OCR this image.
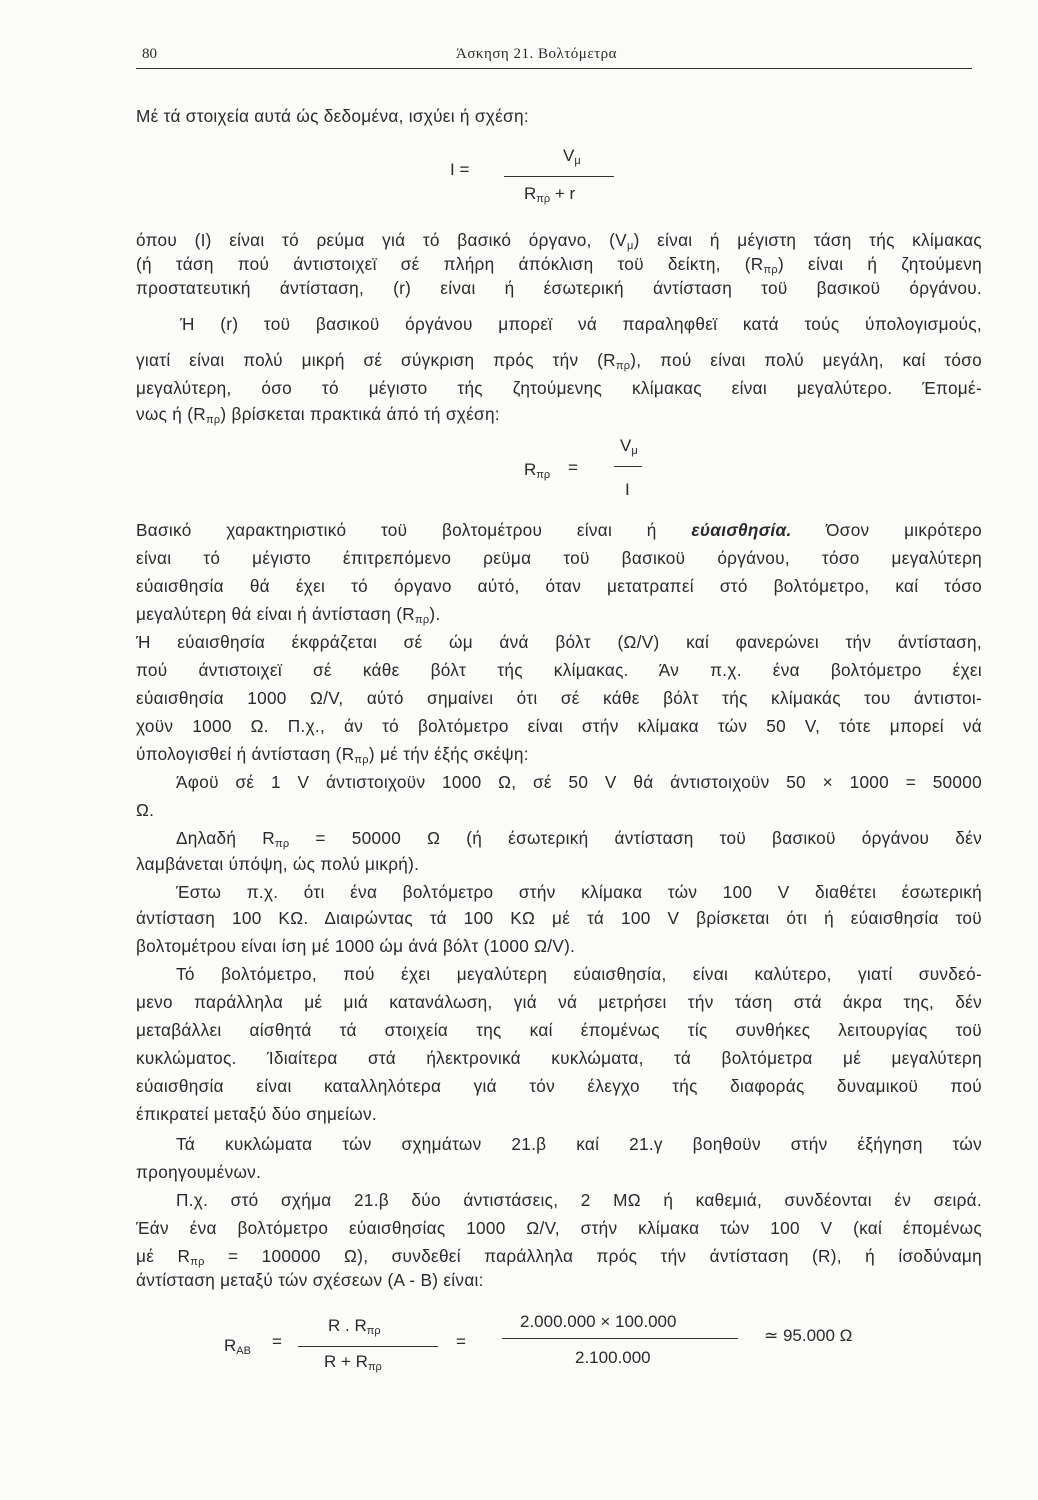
80	Άσκηση 21. Βολτόμετρα
Μέ τά στοιχεία αυτά ώς δεδομένα, ισχύει ή σχέση:
$V_\mu$
I =
$R_{\pi\rho} + r$
όπου (I) είναι τό ρεύμα γιά τό βασικό όργανο, $(V_\mu)$ είναι ή μέγιστη τάση τής κλίμακας
(ή τάση πού άντιστοιχεϊ σέ πλήρη άπόκλιση τοϋ δείκτη, $(R_{\pi\rho})$ είναι ή ζητούμενη
προστατευτική άντίσταση, (r) είναι ή έσωτερική άντίσταση τοϋ βασικοϋ όργάνου.
Ή (r) τοϋ βασικοϋ όργάνου μπορεϊ νά παραληφθεϊ κατά τούς ύπολογισμούς,
γιατί είναι πολύ μικρή σέ σύγκριση πρός τήν $(R_{\pi\rho})$, πού είναι πολύ μεγάλη, καί τόσο
μεγαλύτερη, όσο τό μέγιστο τής ζητούμενης κλίμακας είναι μεγαλύτερο. Έπομέ-
νως ή $(R_{\pi\rho})$ βρίσκεται πρακτικά άπό τή σχέση:
$V_\mu$
$R_{\pi\rho}$ =
I
Βασικό χαρακτηριστικό τοϋ βολτομέτρου είναι ή εύαισθησία. Όσον μικρότερο
είναι τό μέγιστο έπιτρεπόμενο ρεϋμα τοϋ βασικοϋ όργάνου, τόσο μεγαλύτερη
εύαισθησία θά έχει τό όργανο αύτό, όταν μετατραπεί στό βολτόμετρο, καί τόσο
μεγαλύτερη θά είναι ή άντίσταση $(R_{\pi\rho})$.
Ή εύαισθησία έκφράζεται σέ ώμ άνά βόλτ (Ω/V) καί φανερώνει τήν άντίσταση,
πού άντιστοιχεϊ σέ κάθε βόλτ τής κλίμακας. Άν π.χ. ένα βολτόμετρο έχει
εύαισθησία 1000 Ω/V, αύτό σημαίνει ότι σέ κάθε βόλτ τής κλίμακάς του άντιστοι-
χοϋν 1000 Ω. Π.χ., άν τό βολτόμετρο είναι στήν κλίμακα τών 50 V, τότε μπορεί νά
ύπολογισθεί ή άντίσταση $(R_{\pi\rho})$ μέ τήν έξής σκέψη:
Άφοϋ σέ 1 V άντιστοιχοϋν 1000 Ω, σέ 50 V θά άντιστοιχοϋν 50 × 1000 = 50000
Ω.
Δηλαδή $R_{\pi\rho} = 50000$ Ω (ή έσωτερική άντίσταση τοϋ βασικοϋ όργάνου δέν
λαμβάνεται ύπόψη, ώς πολύ μικρή).
Έστω π.χ. ότι ένα βολτόμετρο στήν κλίμακα τών 100 V διαθέτει έσωτερική
άντίσταση 100 ΚΩ. Διαιρώντας τά 100 ΚΩ μέ τά 100 V βρίσκεται ότι ή εύαισθησία τοϋ
βολτομέτρου είναι ίση μέ 1000 ώμ άνά βόλτ (1000 Ω/V).
Τό βολτόμετρο, πού έχει μεγαλύτερη εύαισθησία, είναι καλύτερο, γιατί συνδεό-
μενο παράλληλα μέ μιά κατανάλωση, γιά νά μετρήσει τήν τάση στά άκρα της, δέν
μεταβάλλει αίσθητά τά στοιχεία της καί έπομένως τίς συνθήκες λειτουργίας τοϋ
κυκλώματος. Ίδιαίτερα στά ήλεκτρονικά κυκλώματα, τά βολτόμετρα μέ μεγαλύτερη
εύαισθησία είναι καταλληλότερα γιά τόν έλεγχο τής διαφοράς δυναμικοϋ πού
έπικρατεί μεταξύ δύο σημείων.
Τά κυκλώματα τών σχημάτων 21.β καί 21.γ βοηθοϋν στήν έξήγηση τών
προηγουμένων.
Π.χ. στό σχήμα 21.β δύο άντιστάσεις, 2 ΜΩ ή καθεμιά, συνδέονται έν σειρά.
Έάν ένα βολτόμετρο εύαισθησίας 1000 Ω/V, στήν κλίμακα τών 100 V (καί έπομένως
μέ $R_{\pi\rho} = 100000$ Ω), συνδεθεί παράλληλα πρός τήν άντίσταση (R), ή ίσοδύναμη
άντίσταση μεταξύ τών σχέσεων (A - B) είναι:
$R_{AB}$ =
R . $R_{\pi\rho}$
$R + R_{\pi\rho}$
=
2.000.000 × 100.000
2.100.000
≃ 95.000 Ω
